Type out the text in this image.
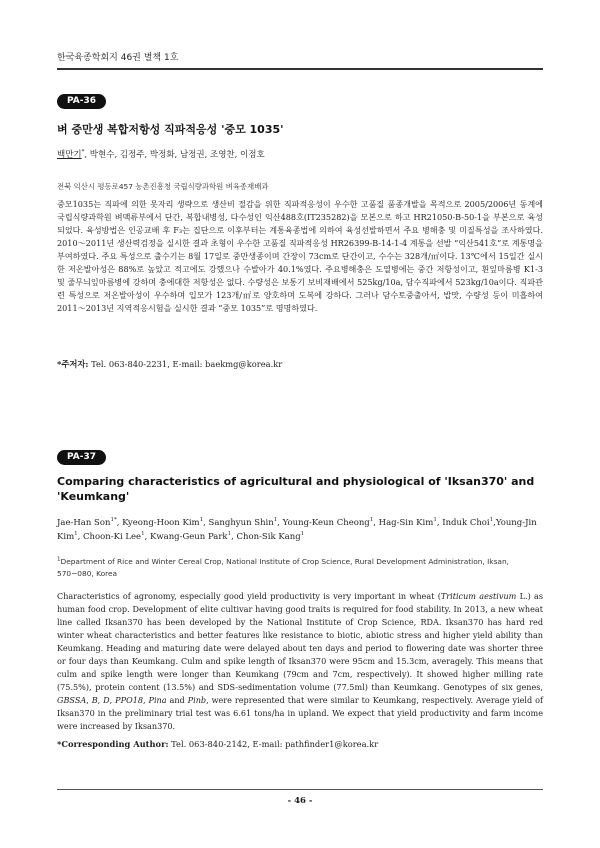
한국육종학회지 46권 별책 1호
PA-36
벼 중만생 복합저항성 직파적응성 '중모 1035'
백만기*, 박현수, 김정주, 박정화, 남정권, 조영찬, 이점호
전북 익산시 평동로457 농촌진흥청 국립식량과학원 벼육종재배과

중모1035는 직파에 의한 못자리 생략으로 생산비 절감을 위한 직파적응성이 우수한 고품질 품종개발을 목적으로 2005/2006년 동계에 국립식량과학원 벼맥류부에서 단간, 복합내병성, 다수성인 익산488호(IT235282)을 모본으로 하고 HR21050-B-50-1을 부본으로 육성되었다. 육성방법은 인공교배 후 F₃는 집단으로 이후부터는 계통육종법에 의하여 육성선발하면서 주요 병해충 및 미질특성을 조사하였다. 2010～2011년 생산력검정을 실시한 결과 초형이 우수한 고품질 직파적응성 HR26399-B-14-1-4 계통을 선발 “익산541호”로 계통명을 부여하였다. 주요 특성으로 출수기는 8월 17일로 중만생종이며 간장이 73cm로 단간이고, 수수는 328개/㎡이다. 13℃에서 15일간 실시한 저온발아성은 88%로 높았고 적고에도 강했으나 수발아가 40.1%였다. 주요병해충은 도열병에는 중간 저항성이고, 흰잎마름병 K1-3 및 줄무늬잎마름병에 강하며 충에대한 저항성은 없다. 수량성은 보통기 보비재배에서 525kg/10a, 담수직파에서 523kg/10a이다. 직파관련 특성으로 저온발아성이 우수하며 입모가 123개/㎡로 양호하며 도복에 강하다. 그러나 담수토중출아서, 밥맛, 수량성 등이 미흡하여 2011～2013년 지역적응시험을 실시한 결과 “중모 1035”로 명명하였다.

*주저자: Tel. 063-840-2231, E-mail: baekmg@korea.kr
PA-37
Comparing characteristics of agricultural and physiological of 'Iksan370' and 'Keumkang'
Jae-Han Son$^{1*}$, Kyeong-Hoon Kim$^1$, Sanghyun Shin$^1$, Young-Keun Cheong$^1$, Hag-Sin Kim$^1$, Induk Choi$^1$,Young-Jin Kim$^1$, Choon-Ki Lee$^1$, Kwang-Geun Park$^1$, Chon-Sik Kang$^1$
$^1$Department of Rice and Winter Cereal Crop, National Institute of Crop Science, Rural Development Administration, Iksan, 570−080, Korea

Characteristics of agronomy, especially good yield productivity is very important in wheat (Triticum aestivum L.) as human food crop. Development of elite cultivar having good traits is required for food stability. In 2013, a new wheat line called Iksan370 has been developed by the National Institute of Crop Science, RDA. Iksan370 has hard red winter wheat characteristics and better features like resistance to biotic, abiotic stress and higher yield ability than Keumkang. Heading and maturing date were delayed about ten days and period to flowering date was shorter three or four days than Keumkang. Culm and spike length of Iksan370 were 95cm and 15.3cm, averagely. This means that culm and spike length were longer than Keumkang (79cm and 7cm, respectively). It showed higher milling rate (75.5%), protein content (13.5%) and SDS-sedimentation volume (77.5ml) than Keumkang. Genotypes of six genes, GBSSA, B, D, PPO18, Pina and Pinb, were represented that were similar to Keumkang, respectively. Average yield of Iksan370 in the preliminary trial test was 6.61 tons/ha in upland. We expect that yield productivity and farm income were increased by Iksan370.

*Corresponding Author: Tel. 063-840-2142, E-mail: pathfinder1@korea.kr
- 46 -
